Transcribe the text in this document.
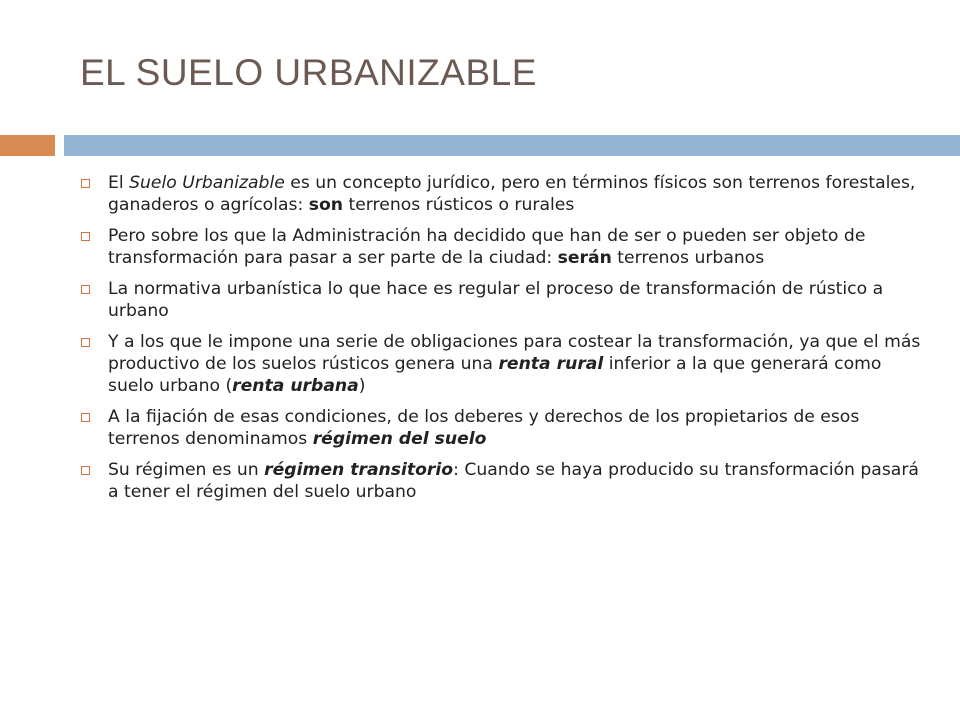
EL SUELO URBANIZABLE
El Suelo Urbanizable es un concepto jurídico, pero en términos físicos son terrenos forestales, ganaderos o agrícolas: son terrenos rústicos o rurales
Pero sobre los que la Administración ha decidido que han de ser o pueden ser objeto de transformación para pasar a ser parte de la ciudad: serán terrenos urbanos
La normativa urbanística lo que hace es regular el proceso de transformación de rústico a urbano
Y a los que le impone una serie de obligaciones para costear la transformación, ya que el más productivo de los suelos rústicos genera una renta rural inferior a la que generará como suelo urbano (renta urbana)
A la fijación de esas condiciones, de los deberes y derechos de los propietarios de esos terrenos denominamos régimen del suelo
Su régimen es un régimen transitorio: Cuando se haya producido su transformación pasará a tener el régimen del suelo urbano
